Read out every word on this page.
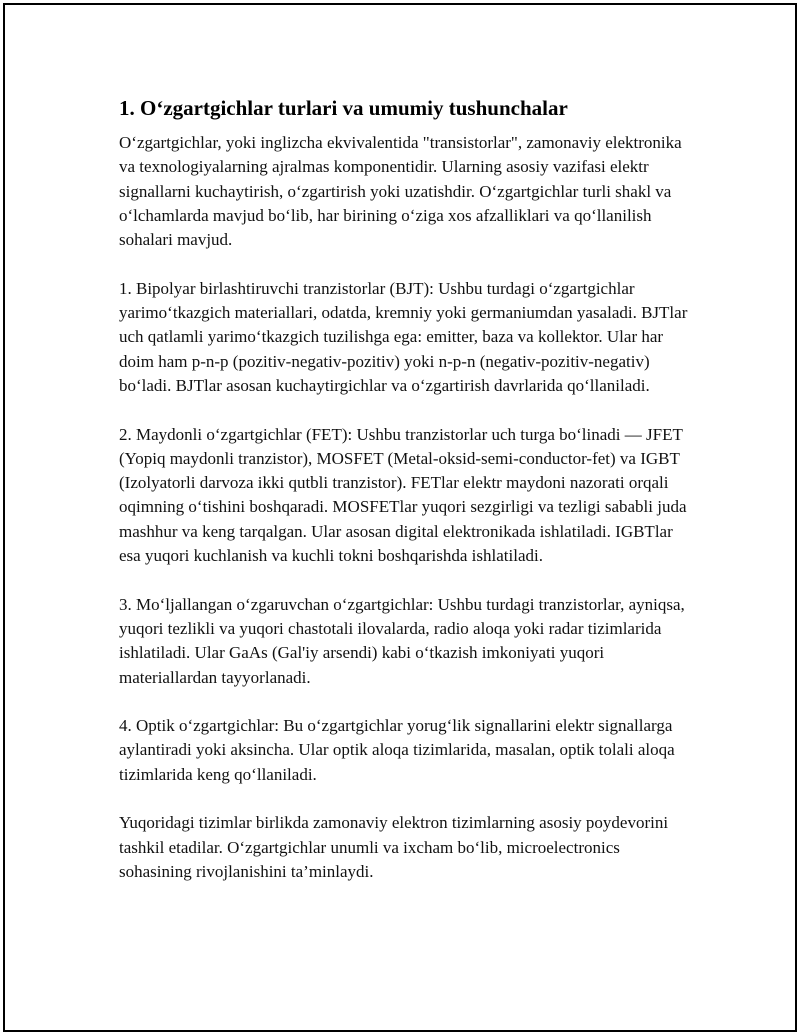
1. O‘zgartgichlar turlari va umumiy tushunchalar

O‘zgartgichlar, yoki inglizcha ekvivalentida "transistorlar", zamonaviy elektronika va texnologiyalarning ajralmas komponentidir. Ularning asosiy vazifasi elektr signallarni kuchaytirish, o‘zgartirish yoki uzatishdir. O‘zgartgichlar turli shakl va o‘lchamlarda mavjud bo‘lib, har birining o‘ziga xos afzalliklari va qo‘llanilish sohalari mavjud.

1. Bipolyar birlashtiruvchi tranzistorlar (BJT): Ushbu turdagi o‘zgartgichlar yarimo‘tkazgich materiallari, odatda, kremniy yoki germaniumdan yasaladi. BJTlar uch qatlamli yarimo‘tkazgich tuzilishga ega: emitter, baza va kollektor. Ular har doim ham p-n-p (pozitiv-negativ-pozitiv) yoki n-p-n (negativ-pozitiv-negativ) bo‘ladi. BJTlar asosan kuchaytirgichlar va o‘zgartirish davrlarida qo‘llaniladi.

2. Maydonli o‘zgartgichlar (FET): Ushbu tranzistorlar uch turga bo‘linadi — JFET (Yopiq maydonli tranzistor), MOSFET (Metal-oksid-semi-conductor-fet) va IGBT (Izolyatorli darvoza ikki qutbli tranzistor). FETlar elektr maydoni nazorati orqali oqimning o‘tishini boshqaradi. MOSFETlar yuqori sezgirligi va tezligi sababli juda mashhur va keng tarqalgan. Ular asosan digital elektronikada ishlatiladi. IGBTlar esa yuqori kuchlanish va kuchli tokni boshqarishda ishlatiladi.

3. Mo‘ljallangan o‘zgaruvchan o‘zgartgichlar: Ushbu turdagi tranzistorlar, ayniqsa, yuqori tezlikli va yuqori chastotali ilovalarda, radio aloqa yoki radar tizimlarida ishlatiladi. Ular GaAs (Gal'iy arsendi) kabi o‘tkazish imkoniyati yuqori materiallardan tayyorlanadi.

4. Optik o‘zgartgichlar: Bu o‘zgartgichlar yorug‘lik signallarini elektr signallarga aylantiradi yoki aksincha. Ular optik aloqa tizimlarida, masalan, optik tolali aloqa tizimlarida keng qo‘llaniladi.

Yuqoridagi tizimlar birlikda zamonaviy elektron tizimlarning asosiy poydevorini tashkil etadilar. O‘zgartgichlar unumli va ixcham bo‘lib, microelectronics sohasining rivojlanishini ta’minlaydi.
